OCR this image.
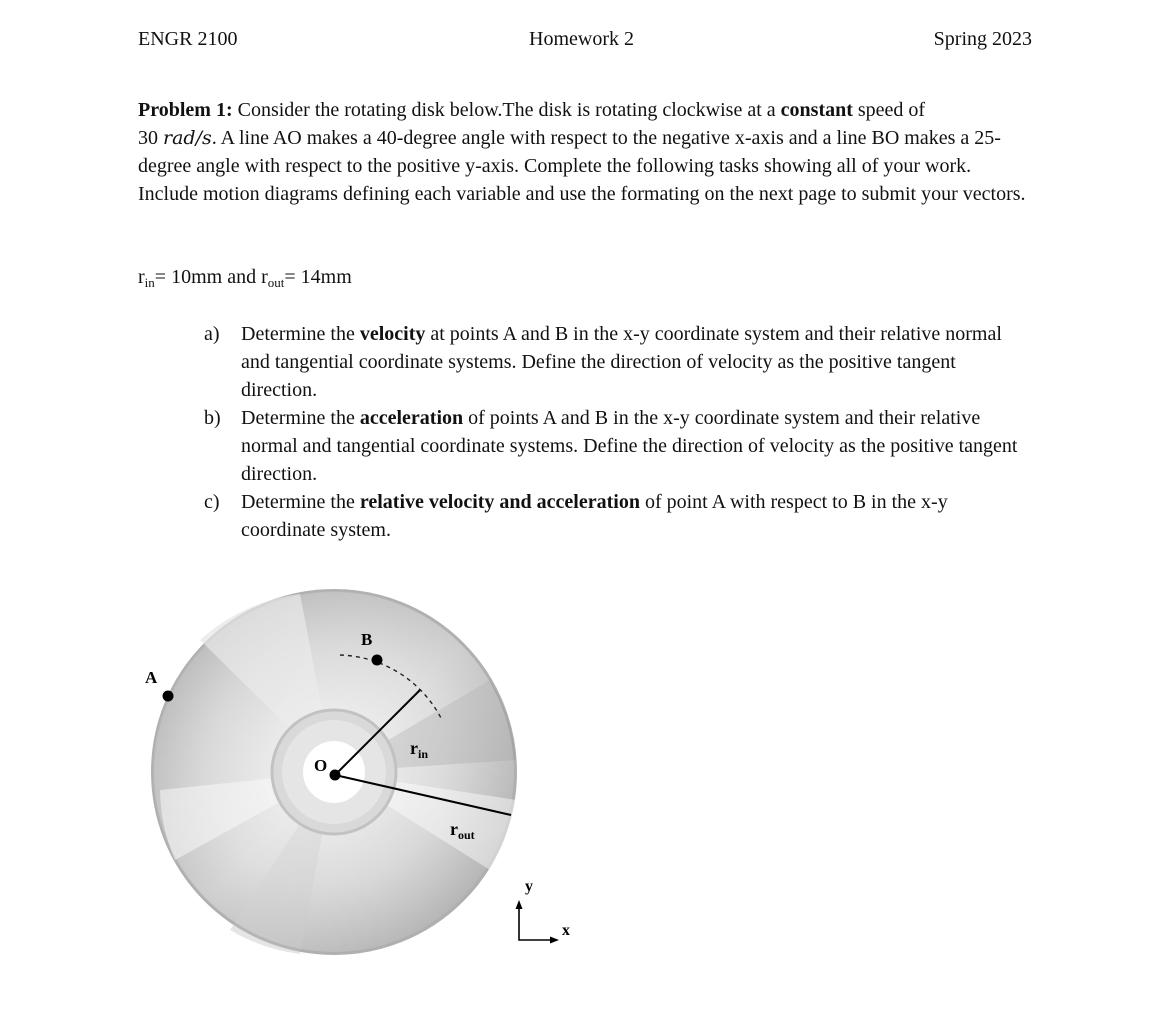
ENGR 2100	Homework 2	Spring 2023
Problem 1: Consider the rotating disk below.The disk is rotating clockwise at a constant speed of
30 rad/s. A line AO makes a 40-degree angle with respect to the negative x-axis and a line BO makes a 25-degree angle with respect to the positive y-axis. Complete the following tasks showing all of your work. Include motion diagrams defining each variable and use the formating on the next page to submit your vectors.
$r_{in}= 10mm$ and $r_{out}= 14mm$
a) Determine the velocity at points A and B in the x-y coordinate system and their relative normal and tangential coordinate systems. Define the direction of velocity as the positive tangent direction.
b) Determine the acceleration of points A and B in the x-y coordinate system and their relative normal and tangential coordinate systems. Define the direction of velocity as the positive tangent direction.
c) Determine the relative velocity and acceleration of point A with respect to B in the x-y coordinate system.
A
B
O
$r_{in}$
$r_{out}$
y
x
